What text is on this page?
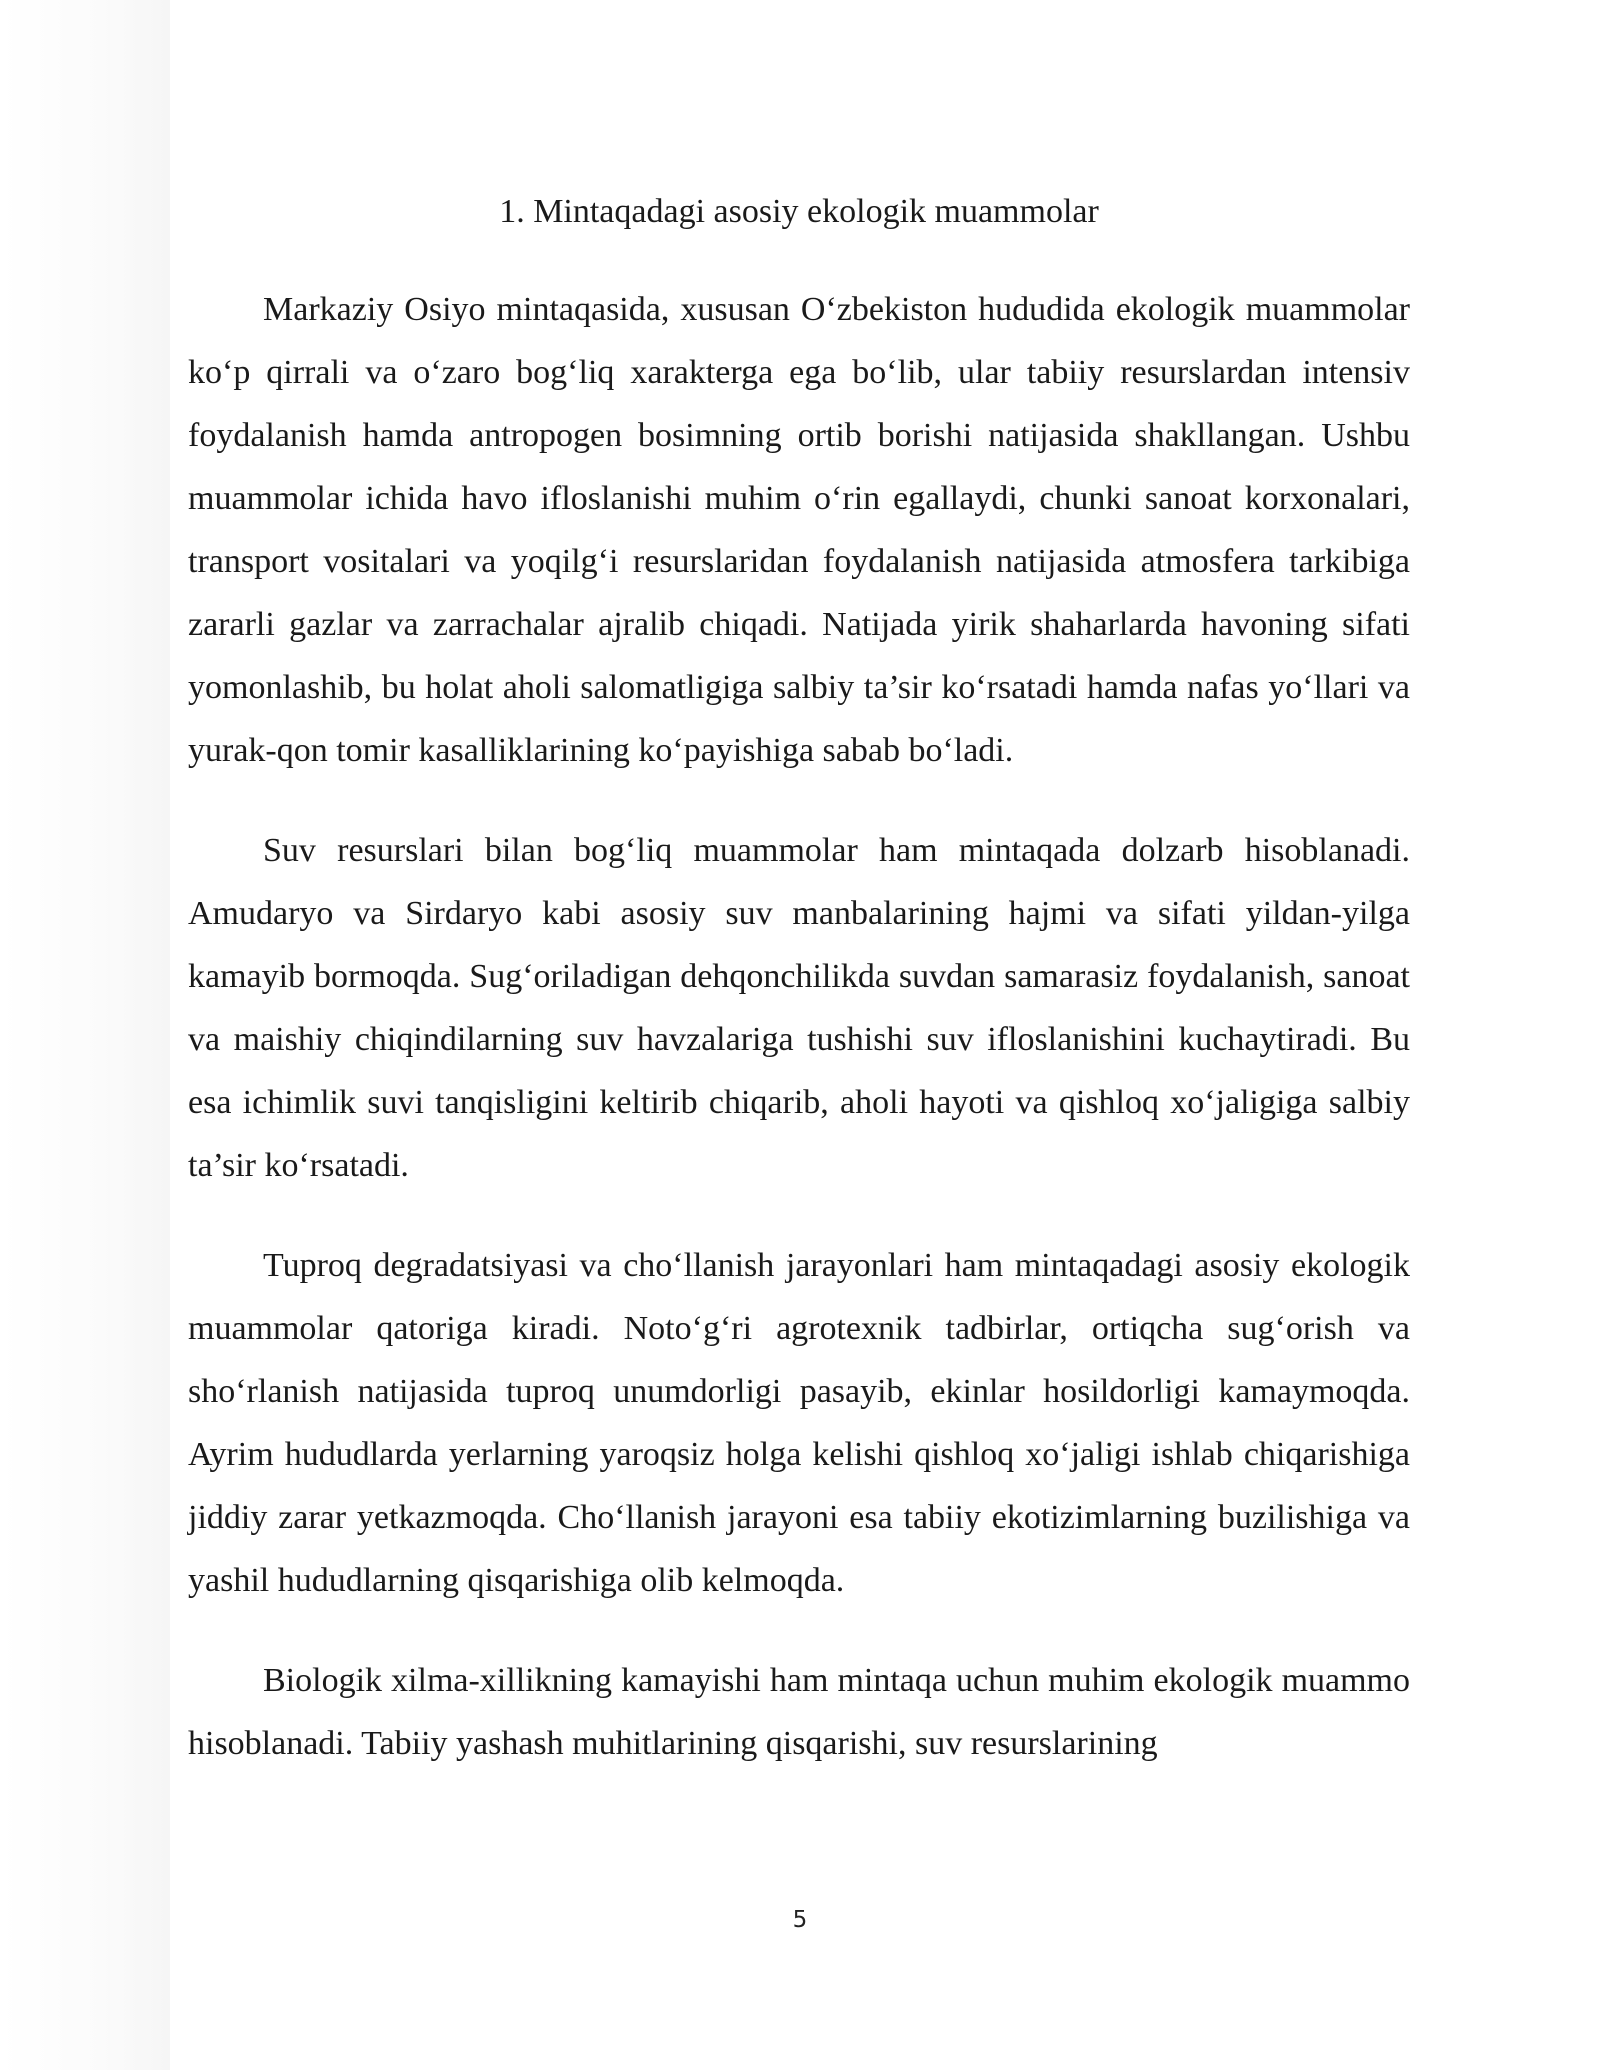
1. Mintaqadagi asosiy ekologik muammolar

Markaziy Osiyo mintaqasida, xususan O‘zbekiston hududida ekologik muammolar ko‘p qirrali va o‘zaro bog‘liq xarakterga ega bo‘lib, ular tabiiy resurslardan intensiv foydalanish hamda antropogen bosimning ortib borishi natijasida shakllangan. Ushbu muammolar ichida havo ifloslanishi muhim o‘rin egallaydi, chunki sanoat korxonalari, transport vositalari va yoqilg‘i resurslaridan foydalanish natijasida atmosfera tarkibiga zararli gazlar va zarrachalar ajralib chiqadi. Natijada yirik shaharlarda havoning sifati yomonlashib, bu holat aholi salomatligiga salbiy ta’sir ko‘rsatadi hamda nafas yo‘llari va yurak-qon tomir kasalliklarining ko‘payishiga sabab bo‘ladi.

Suv resurslari bilan bog‘liq muammolar ham mintaqada dolzarb hisoblanadi. Amudaryo va Sirdaryo kabi asosiy suv manbalarining hajmi va sifati yildan-yilga kamayib bormoqda. Sug‘oriladigan dehqonchilikda suvdan samarasiz foydalanish, sanoat va maishiy chiqindilarning suv havzalariga tushishi suv ifloslanishini kuchaytiradi. Bu esa ichimlik suvi tanqisligini keltirib chiqarib, aholi hayoti va qishloq xo‘jaligiga salbiy ta’sir ko‘rsatadi.

Tuproq degradatsiyasi va cho‘llanish jarayonlari ham mintaqadagi asosiy ekologik muammolar qatoriga kiradi. Noto‘g‘ri agrotexnik tadbirlar, ortiqcha sug‘orish va sho‘rlanish natijasida tuproq unumdorligi pasayib, ekinlar hosildorligi kamaymoqda. Ayrim hududlarda yerlarning yaroqsiz holga kelishi qishloq xo‘jaligi ishlab chiqarishiga jiddiy zarar yetkazmoqda. Cho‘llanish jarayoni esa tabiiy ekotizimlarning buzilishiga va yashil hududlarning qisqarishiga olib kelmoqda.

Biologik xilma-xillikning kamayishi ham mintaqa uchun muhim ekologik muammo hisoblanadi. Tabiiy yashash muhitlarining qisqarishi, suv resurslarining

5
